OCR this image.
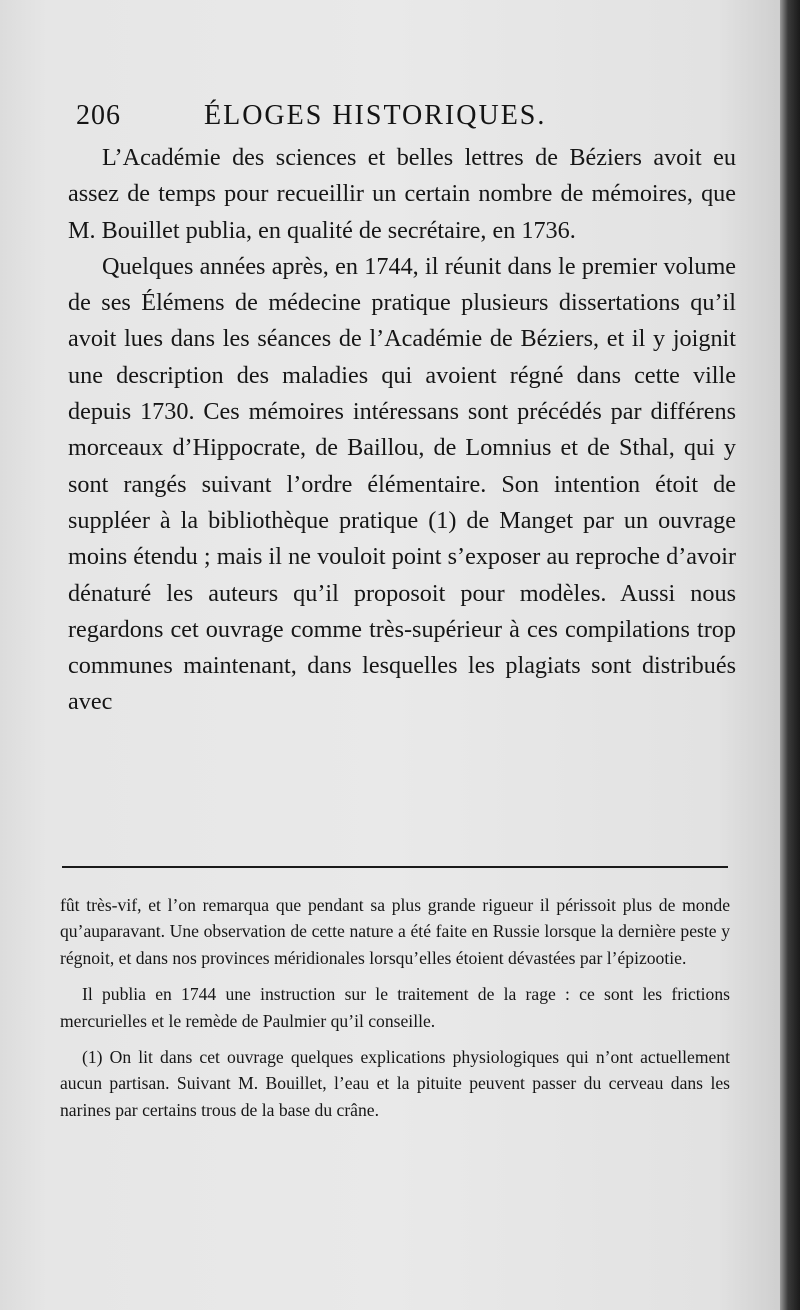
206	ÉLOGES HISTORIQUES.

L’Académie des sciences et belles lettres de Béziers avoit eu assez de temps pour recueillir un certain nombre de mémoires, que M. Bouillet publia, en qualité de secrétaire, en 1736.

Quelques années après, en 1744, il réunit dans le premier volume de ses Élémens de médecine pratique plusieurs dissertations qu’il avoit lues dans les séances de l’Académie de Béziers, et il y joignit une description des maladies qui avoient régné dans cette ville depuis 1730. Ces mémoires intéressans sont précédés par différens morceaux d’Hippocrate, de Baillou, de Lomnius et de Sthal, qui y sont rangés suivant l’ordre élémentaire. Son intention étoit de suppléer à la bibliothèque pratique (1) de Manget par un ouvrage moins étendu ; mais il ne vouloit point s’exposer au reproche d’avoir dénaturé les auteurs qu’il proposoit pour modèles. Aussi nous regardons cet ouvrage comme très-supérieur à ces compilations trop communes maintenant, dans lesquelles les plagiats sont distribués avec

fût très-vif, et l’on remarqua que pendant sa plus grande rigueur il périssoit plus de monde qu’auparavant. Une observation de cette nature a été faite en Russie lorsque la dernière peste y régnoit, et dans nos provinces méridionales lorsqu’elles étoient dévastées par l’épizootie.

Il publia en 1744 une instruction sur le traitement de la rage : ce sont les frictions mercurielles et le remède de Paulmier qu’il conseille.

(1) On lit dans cet ouvrage quelques explications physiologiques qui n’ont actuellement aucun partisan. Suivant M. Bouillet, l’eau et la pituite peuvent passer du cerveau dans les narines par certains trous de la base du crâne.
